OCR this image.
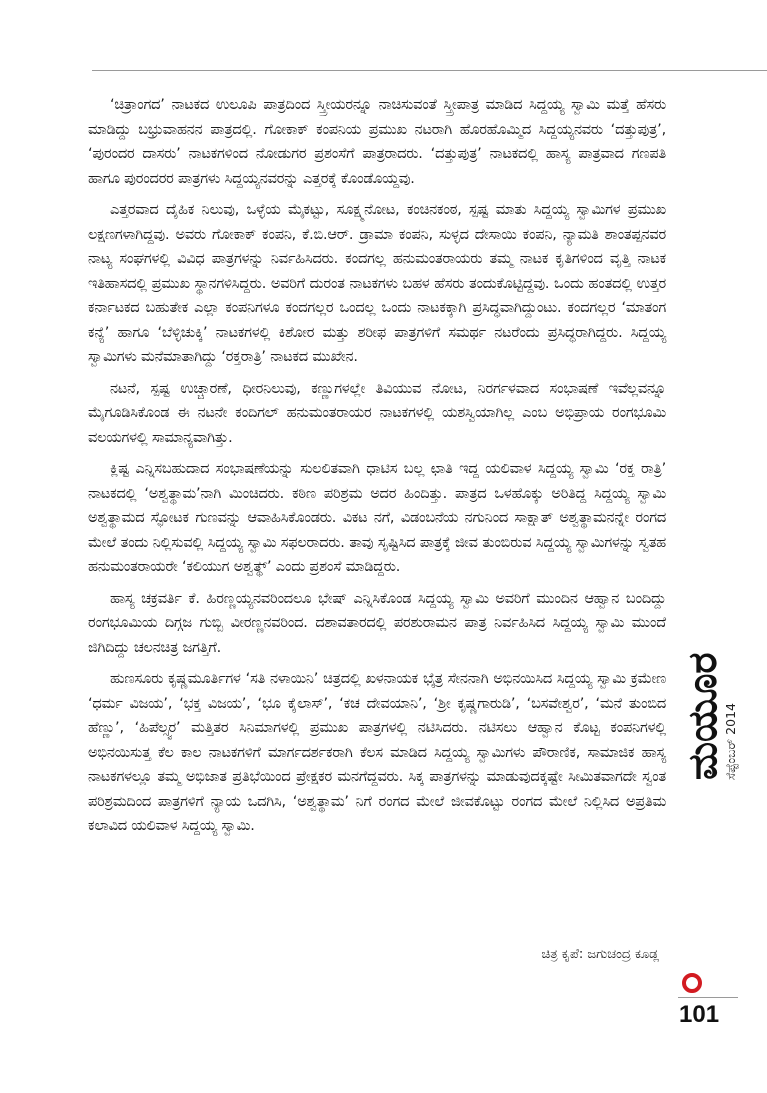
‘ಚಿತ್ರಾಂಗದ’ ನಾಟಕದ ಉಲೂಪಿ ಪಾತ್ರದಿಂದ ಸ್ತ್ರೀಯರನ್ನೂ ನಾಚಿಸುವಂತೆ ಸ್ತ್ರೀಪಾತ್ರ ಮಾಡಿದ ಸಿದ್ದಯ್ಯ ಸ್ವಾಮಿ ಮತ್ತೆ ಹೆಸರು ಮಾಡಿದ್ದು ಬಭ್ರುವಾಹನನ ಪಾತ್ರದಲ್ಲಿ. ಗೋಕಾಕ್ ಕಂಪನಿಯ ಪ್ರಮುಖ ನಟರಾಗಿ ಹೊರಹೊಮ್ಮಿದ ಸಿದ್ದಯ್ಯನವರು ‘ದತ್ತುಪುತ್ರ’, ‘ಪುರಂದರ ದಾಸರು’ ನಾಟಕಗಳಿಂದ ನೋಡುಗರ ಪ್ರಶಂಸೆಗೆ ಪಾತ್ರರಾದರು. ‘ದತ್ತುಪುತ್ರ’ ನಾಟಕದಲ್ಲಿ ಹಾಸ್ಯ ಪಾತ್ರವಾದ ಗಣಪತಿ ಹಾಗೂ ಪುರಂದರರ ಪಾತ್ರಗಳು ಸಿದ್ದಯ್ಯನವರನ್ನು ಎತ್ತರಕ್ಕೆ ಕೊಂಡೊಯ್ದವು.

ಎತ್ತರವಾದ ದೈಹಿಕ ನಿಲುವು, ಒಳ್ಳೆಯ ಮೈಕಟ್ಟು, ಸೂಕ್ಷ್ಮನೋಟ, ಕಂಚಿನಕಂಠ, ಸ್ಪಷ್ಟ ಮಾತು ಸಿದ್ದಯ್ಯ ಸ್ವಾಮಿಗಳ ಪ್ರಮುಖ ಲಕ್ಷಣಗಳಾಗಿದ್ದವು. ಅವರು ಗೋಕಾಕ್ ಕಂಪನಿ, ಕೆ.ಬಿ.ಆರ್. ಡ್ರಾಮಾ ಕಂಪನಿ, ಸುಳ್ಳದ ದೇಸಾಯಿ ಕಂಪನಿ, ನ್ಯಾಮತಿ ಶಾಂತಪ್ಪನವರ ನಾಟ್ಯ ಸಂಘಗಳಲ್ಲಿ ವಿವಿಧ ಪಾತ್ರಗಳನ್ನು ನಿರ್ವಹಿಸಿದರು. ಕಂದಗಲ್ಲ ಹನುಮಂತರಾಯರು ತಮ್ಮ ನಾಟಕ ಕೃತಿಗಳಿಂದ ವೃತ್ತಿ ನಾಟಕ ಇತಿಹಾಸದಲ್ಲಿ ಪ್ರಮುಖ ಸ್ಥಾನಗಳಿಸಿದ್ದರು. ಅವರಿಗೆ ದುರಂತ ನಾಟಕಗಳು ಬಹಳ ಹೆಸರು ತಂದುಕೊಟ್ಟಿದ್ದವು. ಒಂದು ಹಂತದಲ್ಲಿ ಉತ್ತರ ಕರ್ನಾಟಕದ ಬಹುತೇಕ ಎಲ್ಲಾ ಕಂಪನಿಗಳೂ ಕಂದಗಲ್ಲರ ಒಂದಲ್ಲ ಒಂದು ನಾಟಕಕ್ಕಾಗಿ ಪ್ರಸಿದ್ಧವಾಗಿದ್ದುಂಟು. ಕಂದಗಲ್ಲರ ‘ಮಾತಂಗ ಕನ್ಯೆ’ ಹಾಗೂ ‘ಬೆಳ್ಳಿಚುಕ್ಕಿ’ ನಾಟಕಗಳಲ್ಲಿ ಕಿಶೋರ ಮತ್ತು ಶರೀಫ ಪಾತ್ರಗಳಿಗೆ ಸಮರ್ಥ ನಟರೆಂದು ಪ್ರಸಿದ್ಧರಾಗಿದ್ದರು. ಸಿದ್ದಯ್ಯ ಸ್ವಾಮಿಗಳು ಮನೆಮಾತಾಗಿದ್ದು ‘ರಕ್ತರಾತ್ರಿ’ ನಾಟಕದ ಮುಖೇನ.

ನಟನೆ, ಸ್ಪಷ್ಟ ಉಚ್ಚಾರಣೆ, ಧೀರನಿಲುವು, ಕಣ್ಣುಗಳಲ್ಲೇ ತಿವಿಯುವ ನೋಟ, ನಿರರ್ಗಳವಾದ ಸಂಭಾಷಣೆ ಇವೆಲ್ಲವನ್ನೂ ಮೈಗೂಡಿಸಿಕೊಂಡ ಈ ನಟನೇ ಕಂದಿಗಲ್ ಹನುಮಂತರಾಯರ ನಾಟಕಗಳಲ್ಲಿ ಯಶಸ್ವಿಯಾಗಿಲ್ಲ ಎಂಬ ಅಭಿಪ್ರಾಯ ರಂಗಭೂಮಿ ವಲಯಗಳಲ್ಲಿ ಸಾಮಾನ್ಯವಾಗಿತ್ತು.

ಕ್ಲಿಷ್ಟ ಎನ್ನಿಸಬಹುದಾದ ಸಂಭಾಷಣೆಯನ್ನು ಸುಲಲಿತವಾಗಿ ಧಾಟಿಸ ಬಲ್ಲ ಛಾತಿ ಇದ್ದ ಯಲಿವಾಳ ಸಿದ್ದಯ್ಯ ಸ್ವಾಮಿ ‘ರಕ್ತ ರಾತ್ರಿ’ ನಾಟಕದಲ್ಲಿ ‘ಅಶ್ವತ್ಥಾಮ’ನಾಗಿ ಮಿಂಚಿದರು. ಕಠಿಣ ಪರಿಶ್ರಮ ಅದರ ಹಿಂದಿತ್ತು. ಪಾತ್ರದ ಒಳಹೊಕ್ಕು ಅರಿತಿದ್ದ ಸಿದ್ದಯ್ಯ ಸ್ವಾಮಿ ಅಶ್ವತ್ಥಾಮದ ಸ್ಫೋಟಕ ಗುಣವನ್ನು ಆವಾಹಿಸಿಕೊಂಡರು. ವಿಕಟ ನಗೆ, ವಿಡಂಬನೆಯ ನಗುನಿಂದ ಸಾಕ್ಷಾತ್ ಅಶ್ವತ್ಥಾಮನನ್ನೇ ರಂಗದ ಮೇಲೆ ತಂದು ನಿಲ್ಲಿಸುವಲ್ಲಿ ಸಿದ್ದಯ್ಯ ಸ್ವಾಮಿ ಸಫಲರಾದರು. ತಾವು ಸೃಷ್ಟಿಸಿದ ಪಾತ್ರಕ್ಕೆ ಜೀವ ತುಂಬಿರುವ ಸಿದ್ದಯ್ಯ ಸ್ವಾಮಿಗಳನ್ನು ಸ್ವತಹ ಹನುಮಂತರಾಯರೇ ‘ಕಲಿಯುಗ ಅಶ್ವತ್ಥ್’ ಎಂದು ಪ್ರಶಂಸೆ ಮಾಡಿದ್ದರು.

ಹಾಸ್ಯ ಚಕ್ರವರ್ತಿ ಕೆ. ಹಿರಣ್ಣಯ್ಯನವರಿಂದಲೂ ಭೇಷ್ ಎನ್ನಿಸಿಕೊಂಡ ಸಿದ್ದಯ್ಯ ಸ್ವಾಮಿ ಅವರಿಗೆ ಮುಂದಿನ ಆಹ್ವಾನ ಬಂದಿದ್ದು ರಂಗಭೂಮಿಯ ದಿಗ್ಗಜ ಗುಬ್ಬಿ ವೀರಣ್ಣನವರಿಂದ. ದಶಾವತಾರದಲ್ಲಿ ಪರಶುರಾಮನ ಪಾತ್ರ ನಿರ್ವಹಿಸಿದ ಸಿದ್ದಯ್ಯ ಸ್ವಾಮಿ ಮುಂದೆ ಜಿಗಿದಿದ್ದು ಚಲನಚಿತ್ರ ಜಗತ್ತಿಗೆ.

ಹುಣಸೂರು ಕೃಷ್ಣಮೂರ್ತಿಗಳ ‘ಸತಿ ನಳಾಯಿನಿ’ ಚಿತ್ರದಲ್ಲಿ ಖಳನಾಯಕ ಭೈತ್ರ ಸೇನನಾಗಿ ಅಭಿನಯಿಸಿದ ಸಿದ್ದಯ್ಯ ಸ್ವಾಮಿ ಕ್ರಮೇಣ ‘ಧರ್ಮ ವಿಜಯ’, ‘ಭಕ್ತ ವಿಜಯ’, ‘ಭೂ ಕೈಲಾಸ್’, ‘ಕಚ ದೇವಯಾನಿ’, ‘ಶ್ರೀ ಕೃಷ್ಣಗಾರುಡಿ’, ‘ಬಸವೇಶ್ವರ’, ‘ಮನೆ ತುಂಬಿದ ಹೆಣ್ಣು’, ‘ಹಿಪೆಲ್ಸ್ವರ’ ಮತ್ತಿತರ ಸಿನಿಮಾಗಳಲ್ಲಿ ಪ್ರಮುಖ ಪಾತ್ರಗಳಲ್ಲಿ ನಟಿಸಿದರು. ನಟಿಸಲು ಆಹ್ವಾನ ಕೊಟ್ಟ ಕಂಪನಿಗಳಲ್ಲಿ ಅಭಿನಯಿಸುತ್ತ ಕೆಲ ಕಾಲ ನಾಟಕಗಳಿಗೆ ಮಾರ್ಗದರ್ಶಕರಾಗಿ ಕೆಲಸ ಮಾಡಿದ ಸಿದ್ದಯ್ಯ ಸ್ವಾಮಿಗಳು ಪೌರಾಣಿಕ, ಸಾಮಾಜಿಕ ಹಾಸ್ಯ ನಾಟಕಗಳಲ್ಲೂ ತಮ್ಮ ಅಭಿಜಾತ ಪ್ರತಿಭೆಯಿಂದ ಪ್ರೇಕ್ಷಕರ ಮನಗೆದ್ದವರು. ಸಿಕ್ಕ ಪಾತ್ರಗಳನ್ನು ಮಾಡುವುದಕ್ಕಷ್ಟೇ ಸೀಮಿತವಾಗದೇ ಸ್ವಂತ ಪರಿಶ್ರಮದಿಂದ ಪಾತ್ರಗಳಿಗೆ ನ್ಯಾಯ ಒದಗಿಸಿ, ‘ಅಶ್ವತ್ಥಾಮ’ ನಿಗೆ ರಂಗದ ಮೇಲೆ ಜೀವಕೊಟ್ಟು ರಂಗದ ಮೇಲೆ ನಿಲ್ಲಿಸಿದ ಅಪ್ರತಿಮ ಕಲಾವಿದ ಯಲಿವಾಳ ಸಿದ್ದಯ್ಯ ಸ್ವಾಮಿ.

ಚಿತ್ರ ಕೃಪೆ: ಜಗುಚಂದ್ರ ಕೂಡ್ಲ
ಮಯೂರ
ಸೆಪ್ಟೆಂಬರ್ 2014
101
